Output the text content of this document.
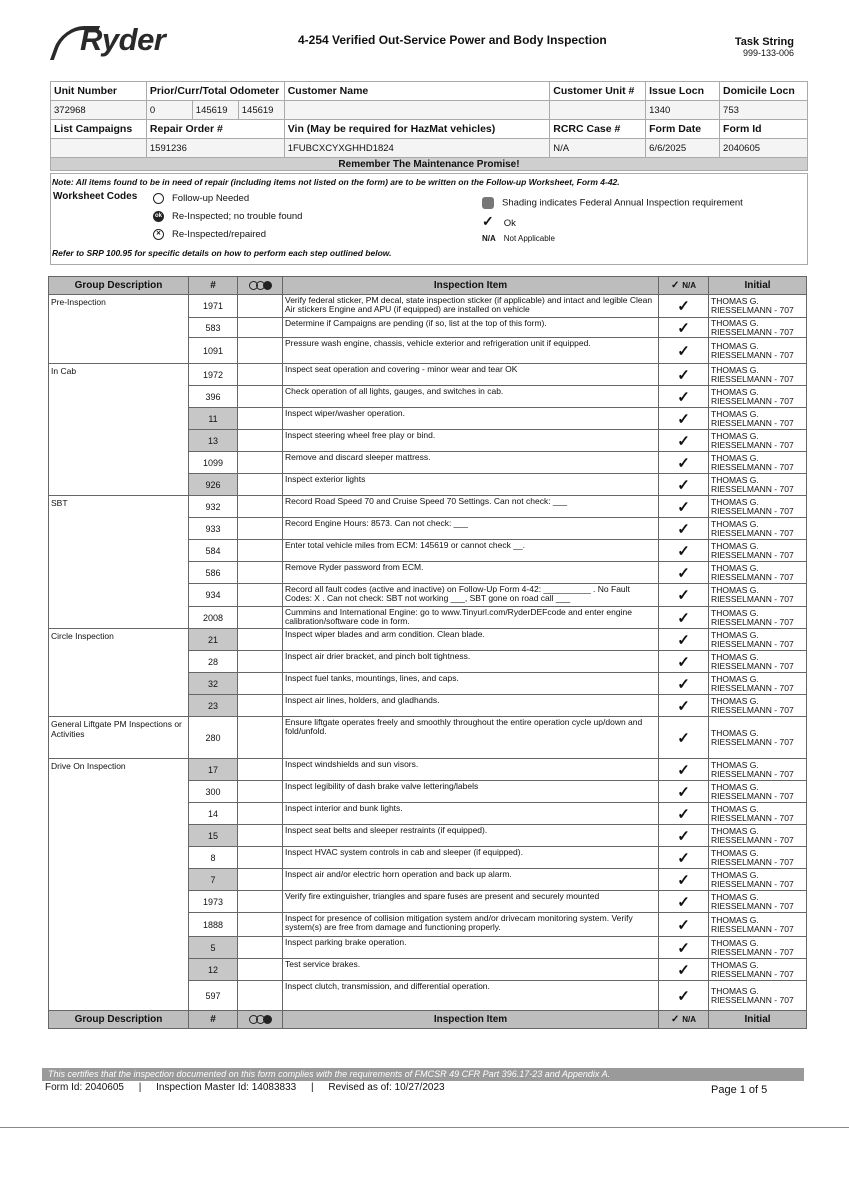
Ryder	4-254 Verified Out-Service Power and Body Inspection	Task String
999-133-006
Unit Number	Prior/Curr/Total Odometer			Customer Name	Customer Unit #	Issue Locn	Domicile Locn
372968	0	145619	145619			1340	753
List Campaigns	Repair Order #			Vin (May be required for HazMat vehicles)	RCRC Case #	Form Date	Form Id
	1591236			1FUBCXCYXGHHD1824	N/A	6/6/2025	2040605
Remember The Maintenance Promise!
Note: All items found to be in need of repair (including items not listed on the form) are to be written on the Follow-up Worksheet, Form 4-42.
Worksheet Codes	Follow-up Needed
ok Re-Inspected; no trouble found
✕ Re-Inspected/repaired
Shading indicates Federal Annual Inspection requirement
✓ Ok
N/A Not Applicable
Refer to SRP 100.95 for specific details on how to perform each step outlined below.
Group Description	#		Inspection Item	✓ N/A	Initial
Pre-Inspection	1971		Verify federal sticker, PM decal, state inspection sticker (if applicable) and intact and legible Clean Air stickers Engine and APU (if equipped) are installed on vehicle	✓	THOMAS G. RIESSELMANN - 707
	583		Determine if Campaigns are pending (if so, list at the top of this form).	✓	THOMAS G. RIESSELMANN - 707
	1091		Pressure wash engine, chassis, vehicle exterior and refrigeration unit if equipped.	✓	THOMAS G. RIESSELMANN - 707
In Cab	1972		Inspect seat operation and covering - minor wear and tear OK	✓	THOMAS G. RIESSELMANN - 707
	396		Check operation of all lights, gauges, and switches in cab.	✓	THOMAS G. RIESSELMANN - 707
	11		Inspect wiper/washer operation.	✓	THOMAS G. RIESSELMANN - 707
	13		Inspect steering wheel free play or bind.	✓	THOMAS G. RIESSELMANN - 707
	1099		Remove and discard sleeper mattress.	✓	THOMAS G. RIESSELMANN - 707
	926		Inspect exterior lights	✓	THOMAS G. RIESSELMANN - 707
SBT	932		Record Road Speed 70 and Cruise Speed 70 Settings. Can not check: ___	✓	THOMAS G. RIESSELMANN - 707
	933		Record Engine Hours: 8573. Can not check: ___	✓	THOMAS G. RIESSELMANN - 707
	584		Enter total vehicle miles from ECM: 145619 or cannot check __.	✓	THOMAS G. RIESSELMANN - 707
	586		Remove Ryder password from ECM.	✓	THOMAS G. RIESSELMANN - 707
	934		Record all fault codes (active and inactive) on Follow-Up Form 4-42: __________ . No Fault Codes: X . Can not check: SBT not working ___, SBT gone on road call ___	✓	THOMAS G. RIESSELMANN - 707
	2008		Cummins and International Engine: go to www.Tinyurl.com/RyderDEFcode and enter engine calibration/software code in form.	✓	THOMAS G. RIESSELMANN - 707
Circle Inspection	21		Inspect wiper blades and arm condition. Clean blade.	✓	THOMAS G. RIESSELMANN - 707
	28		Inspect air drier bracket, and pinch bolt tightness.	✓	THOMAS G. RIESSELMANN - 707
	32		Inspect fuel tanks, mountings, lines, and caps.	✓	THOMAS G. RIESSELMANN - 707
	23		Inspect air lines, holders, and gladhands.	✓	THOMAS G. RIESSELMANN - 707
General Liftgate PM Inspections or Activities	280		Ensure liftgate operates freely and smoothly throughout the entire operation cycle up/down and fold/unfold.	✓	THOMAS G. RIESSELMANN - 707
Drive On Inspection	17		Inspect windshields and sun visors.	✓	THOMAS G. RIESSELMANN - 707
	300		Inspect legibility of dash brake valve lettering/labels	✓	THOMAS G. RIESSELMANN - 707
	14		Inspect interior and bunk lights.	✓	THOMAS G. RIESSELMANN - 707
	15		Inspect seat belts and sleeper restraints (if equipped).	✓	THOMAS G. RIESSELMANN - 707
	8		Inspect HVAC system controls in cab and sleeper (if equipped).	✓	THOMAS G. RIESSELMANN - 707
	7		Inspect air and/or electric horn operation and back up alarm.	✓	THOMAS G. RIESSELMANN - 707
	1973		Verify fire extinguisher, triangles and spare fuses are present and securely mounted	✓	THOMAS G. RIESSELMANN - 707
	1888		Inspect for presence of collision mitigation system and/or drivecam monitoring system. Verify system(s) are free from damage and functioning properly.	✓	THOMAS G. RIESSELMANN - 707
	5		Inspect parking brake operation.	✓	THOMAS G. RIESSELMANN - 707
	12		Test service brakes.	✓	THOMAS G. RIESSELMANN - 707
	597		Inspect clutch, transmission, and differential operation.	✓	THOMAS G. RIESSELMANN - 707
Group Description	#		Inspection Item	✓ N/A	Initial
This certifies that the inspection documented on this form complies with the requirements of FMCSR 49 CFR Part 396.17-23 and Appendix A.
Form Id: 2040605 | Inspection Master Id: 14083833 | Revised as of: 10/27/2023	Page 1 of 5
